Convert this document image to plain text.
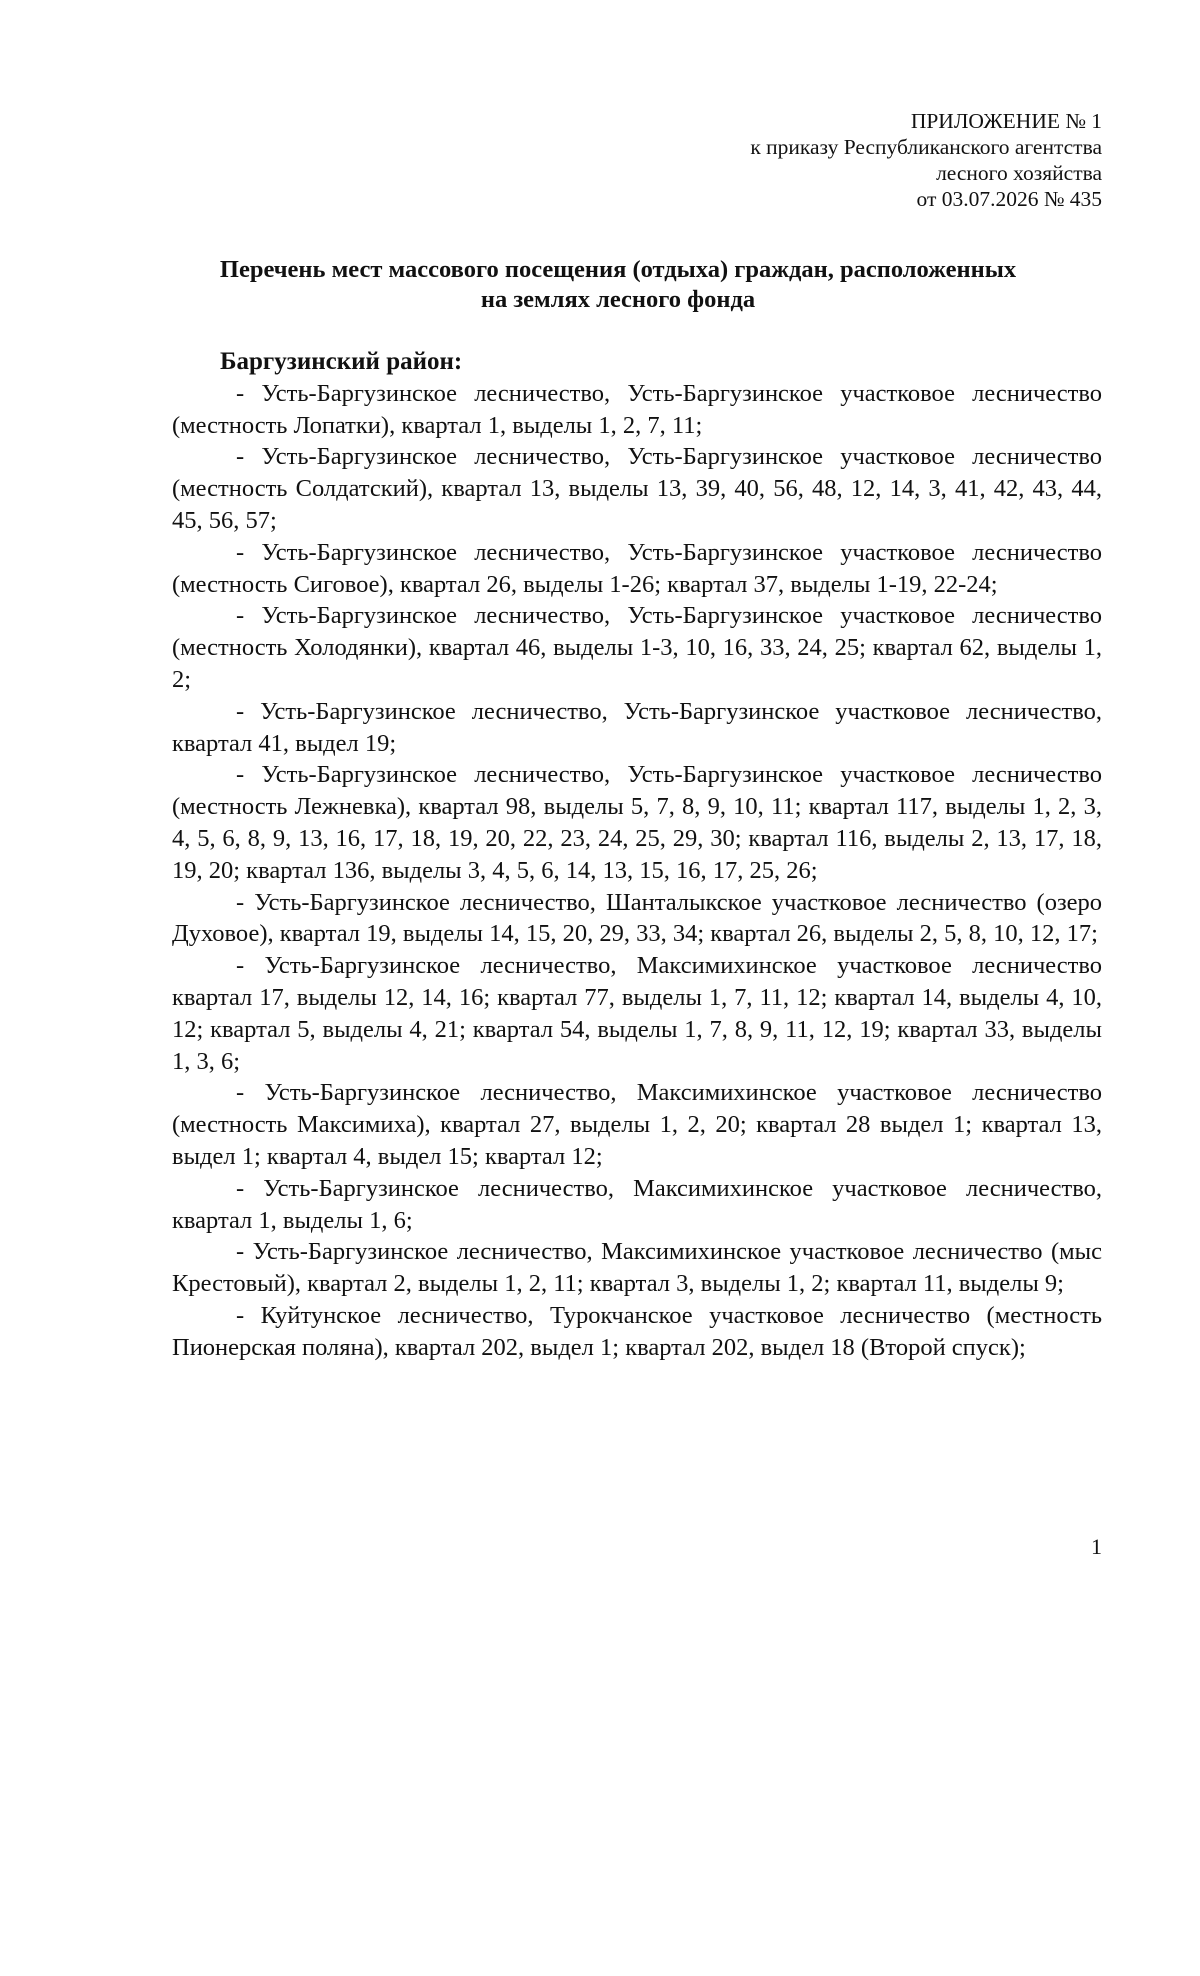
ПРИЛОЖЕНИЕ № 1
к приказу Республиканского агентства
лесного хозяйства
от 03.07.2026 № 435
Перечень мест массового посещения (отдыха) граждан, расположенных
на землях лесного фонда
Баргузинский район:

- Усть-Баргузинское лесничество, Усть-Баргузинское участковое лесничество (местность Лопатки), квартал 1, выделы 1, 2, 7, 11;

- Усть-Баргузинское лесничество, Усть-Баргузинское участковое лесничество (местность Солдатский), квартал 13, выделы 13, 39, 40, 56, 48, 12, 14, 3, 41, 42, 43, 44, 45, 56, 57;

- Усть-Баргузинское лесничество, Усть-Баргузинское участковое лесничество (местность Сиговое), квартал 26, выделы 1-26; квартал 37, выделы 1-19, 22-24;

- Усть-Баргузинское лесничество, Усть-Баргузинское участковое лесничество (местность Холодянки), квартал 46, выделы 1-3, 10, 16, 33, 24, 25; квартал 62, выделы 1, 2;

- Усть-Баргузинское лесничество, Усть-Баргузинское участковое лесничество, квартал 41, выдел 19;

- Усть-Баргузинское лесничество, Усть-Баргузинское участковое лесничество (местность Лежневка), квартал 98, выделы 5, 7, 8, 9, 10, 11; квартал 117, выделы 1, 2, 3, 4, 5, 6, 8, 9, 13, 16, 17, 18, 19, 20, 22, 23, 24, 25, 29, 30; квартал 116, выделы 2, 13, 17, 18, 19, 20; квартал 136, выделы 3, 4, 5, 6, 14, 13, 15, 16, 17, 25, 26;

- Усть-Баргузинское лесничество, Шанталыкское участковое лесничество (озеро Духовое), квартал 19, выделы 14, 15, 20, 29, 33, 34; квартал 26, выделы 2, 5, 8, 10, 12, 17;

- Усть-Баргузинское лесничество, Максимихинское участковое лесничество квартал 17, выделы 12, 14, 16; квартал 77, выделы 1, 7, 11, 12; квартал 14, выделы 4, 10, 12; квартал 5, выделы 4, 21; квартал 54, выделы 1, 7, 8, 9, 11, 12, 19; квартал 33, выделы 1, 3, 6;

- Усть-Баргузинское лесничество, Максимихинское участковое лесничество (местность Максимиха), квартал 27, выделы 1, 2, 20; квартал 28 выдел 1; квартал 13, выдел 1; квартал 4, выдел 15; квартал 12;

- Усть-Баргузинское лесничество, Максимихинское участковое лесничество, квартал 1, выделы 1, 6;

- Усть-Баргузинское лесничество, Максимихинское участковое лесничество (мыс Крестовый), квартал 2, выделы 1, 2, 11; квартал 3, выделы 1, 2; квартал 11, выделы 9;

- Куйтунское лесничество, Турокчанское участковое лесничество (местность Пионерская поляна), квартал 202, выдел 1; квартал 202, выдел 18 (Второй спуск);

1
